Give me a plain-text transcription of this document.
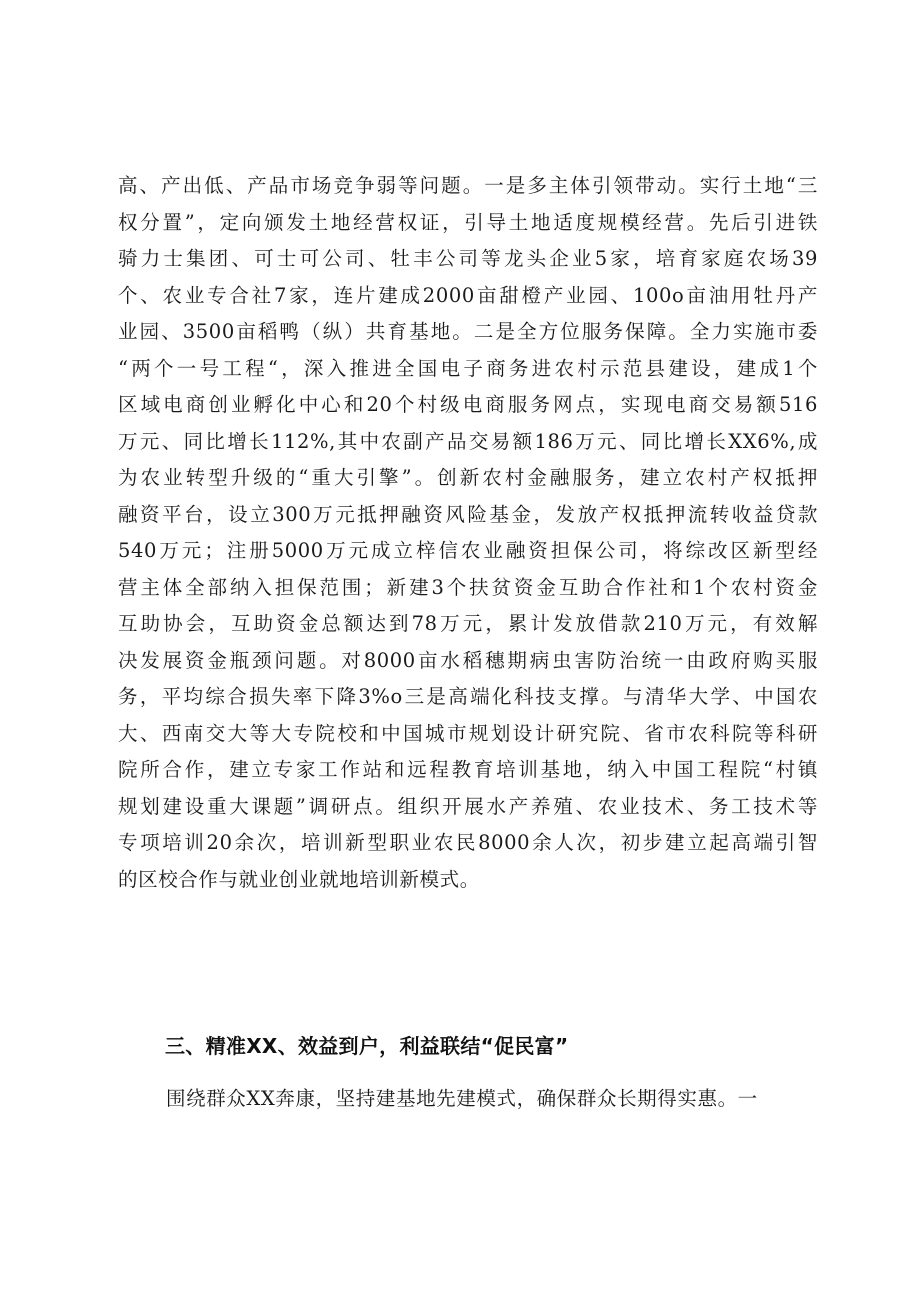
高、产出低、产品市场竞争弱等问题。一是多主体引领带动。实行土地“三
权分置”，定向颁发土地经营权证，引导土地适度规模经营。先后引进铁
骑力士集团、可士可公司、牡丰公司等龙头企业5家，培育家庭农场39
个、农业专合社7家，连片建成2000亩甜橙产业园、100o亩油用牡丹产
业园、3500亩稻鸭（纵）共育基地。二是全方位服务保障。全力实施市委
“两个一号工程“，深入推进全国电子商务进农村示范县建设，建成1个
区域电商创业孵化中心和20个村级电商服务网点，实现电商交易额516
万元、同比增长112%,其中农副产品交易额186万元、同比增长XX6%,成
为农业转型升级的“重大引擎”。创新农村金融服务，建立农村产权抵押
融资平台，设立300万元抵押融资风险基金，发放产权抵押流转收益贷款
540万元；注册5000万元成立梓信农业融资担保公司，将综改区新型经
营主体全部纳入担保范围；新建3个扶贫资金互助合作社和1个农村资金
互助协会，互助资金总额达到78万元，累计发放借款210万元，有效解
决发展资金瓶颈问题。对8000亩水稻穗期病虫害防治统一由政府购买服
务，平均综合损失率下降3%o三是高端化科技支撑。与清华大学、中国农
大、西南交大等大专院校和中国城市规划设计研究院、省市农科院等科研
院所合作，建立专家工作站和远程教育培训基地，纳入中国工程院“村镇
规划建设重大课题”调研点。组织开展水产养殖、农业技术、务工技术等
专项培训20余次，培训新型职业农民8000余人次，初步建立起高端引智
的区校合作与就业创业就地培训新模式。
三、精准XX、效益到户，利益联结“促民富”
围绕群众XX奔康，坚持建基地先建模式，确保群众长期得实惠。一
